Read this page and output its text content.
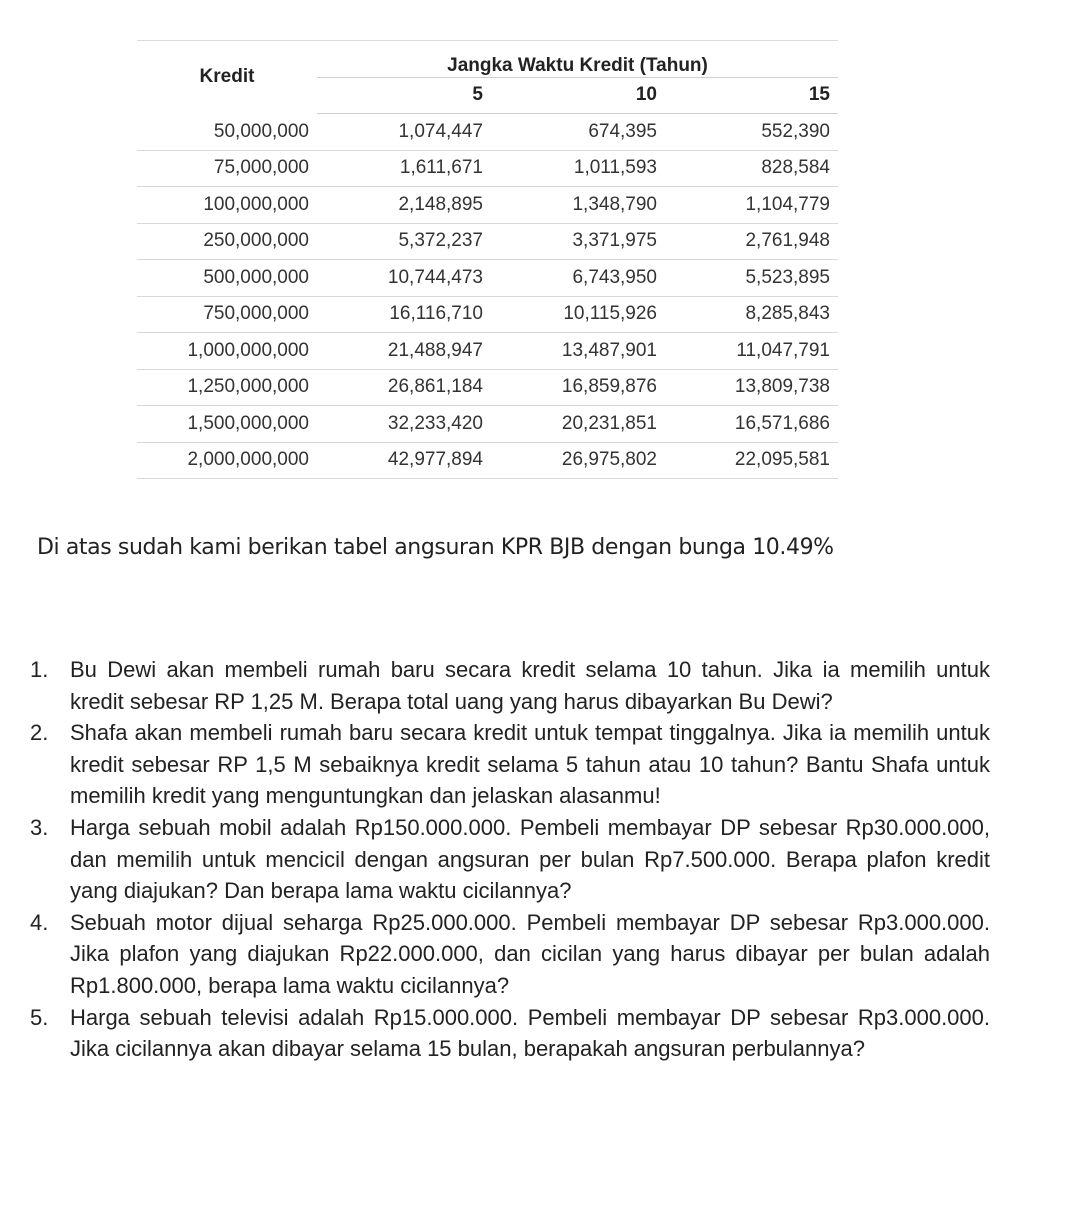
Kredit	Jangka Waktu Kredit (Tahun)		
	5	10	15
50,000,000	1,074,447	674,395	552,390
75,000,000	1,611,671	1,011,593	828,584
100,000,000	2,148,895	1,348,790	1,104,779
250,000,000	5,372,237	3,371,975	2,761,948
500,000,000	10,744,473	6,743,950	5,523,895
750,000,000	16,116,710	10,115,926	8,285,843
1,000,000,000	21,488,947	13,487,901	11,047,791
1,250,000,000	26,861,184	16,859,876	13,809,738
1,500,000,000	32,233,420	20,231,851	16,571,686
2,000,000,000	42,977,894	26,975,802	22,095,581
Di atas sudah kami berikan tabel angsuran KPR BJB dengan bunga 10.49%
1. Bu Dewi akan membeli rumah baru secara kredit selama 10 tahun. Jika ia memilih untuk kredit sebesar RP 1,25 M. Berapa total uang yang harus dibayarkan Bu Dewi?
2. Shafa akan membeli rumah baru secara kredit untuk tempat tinggalnya. Jika ia memilih untuk kredit sebesar RP 1,5 M sebaiknya kredit selama 5 tahun atau 10 tahun? Bantu Shafa untuk memilih kredit yang menguntungkan dan jelaskan alasanmu!
3. Harga sebuah mobil adalah Rp150.000.000. Pembeli membayar DP sebesar Rp30.000.000, dan memilih untuk mencicil dengan angsuran per bulan Rp7.500.000. Berapa plafon kredit yang diajukan? Dan berapa lama waktu cicilannya?
4. Sebuah motor dijual seharga Rp25.000.000. Pembeli membayar DP sebesar Rp3.000.000. Jika plafon yang diajukan Rp22.000.000, dan cicilan yang harus dibayar per bulan adalah Rp1.800.000, berapa lama waktu cicilannya?
5. Harga sebuah televisi adalah Rp15.000.000. Pembeli membayar DP sebesar Rp3.000.000. Jika cicilannya akan dibayar selama 15 bulan, berapakah angsuran perbulannya?
